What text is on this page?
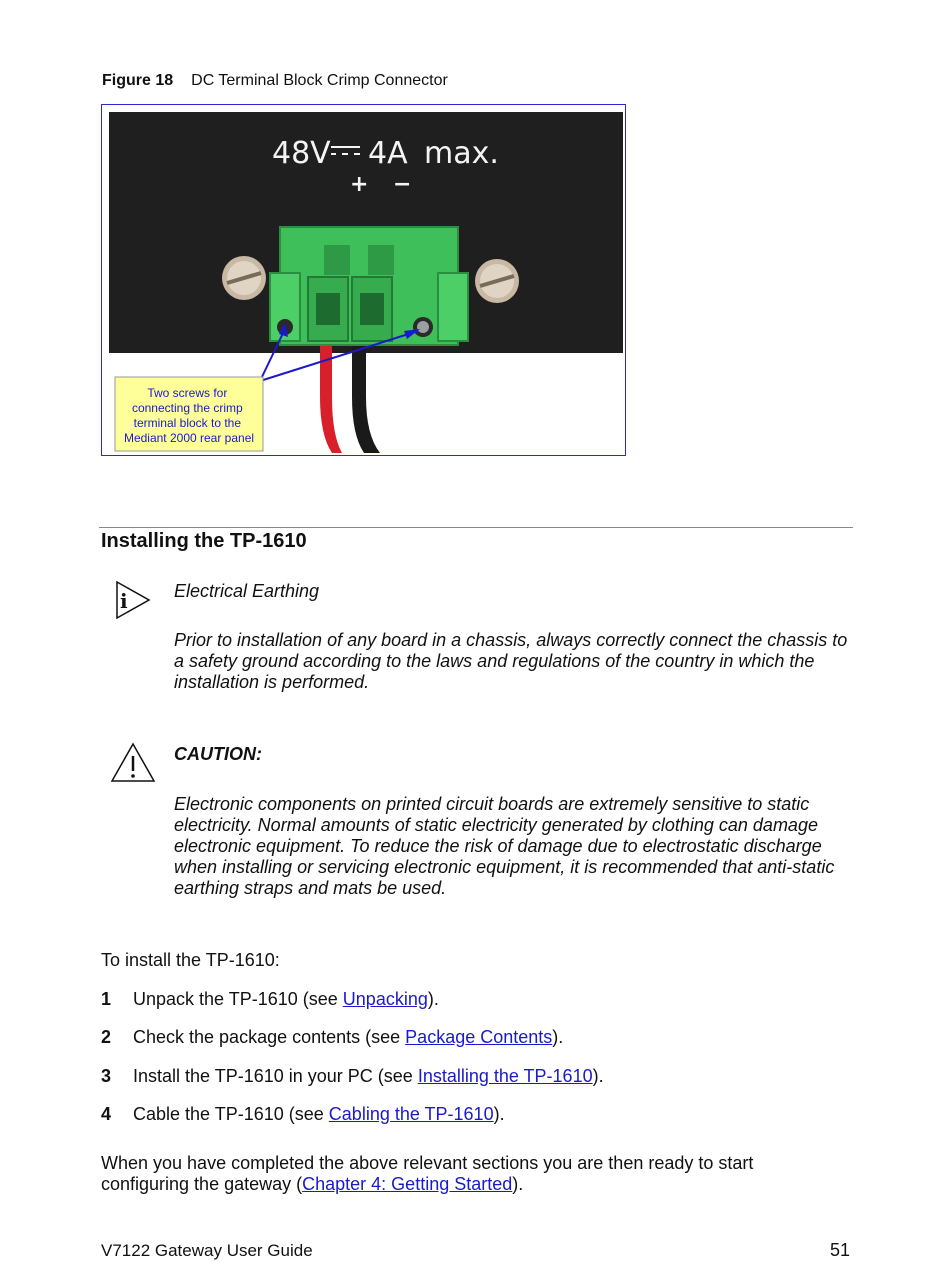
Figure 18 DC Terminal Block Crimp Connector
48V 4A max.
+ −
Two screws for connecting the crimp terminal block to the Mediant 2000 rear panel
Installing the TP-1610
i	Electrical Earthing
Prior to installation of any board in a chassis, always correctly connect the chassis to a safety ground according to the laws and regulations of the country in which the installation is performed.
CAUTION:
Electronic components on printed circuit boards are extremely sensitive to static electricity. Normal amounts of static electricity generated by clothing can damage electronic equipment. To reduce the risk of damage due to electrostatic discharge when installing or servicing electronic equipment, it is recommended that anti-static earthing straps and mats be used.
To install the TP-1610:
1 Unpack the TP-1610 (see Unpacking).
2 Check the package contents (see Package Contents).
3 Install the TP-1610 in your PC (see Installing the TP-1610).
4 Cable the TP-1610 (see Cabling the TP-1610).
When you have completed the above relevant sections you are then ready to start configuring the gateway (Chapter 4: Getting Started).
V7122 Gateway User Guide	51
